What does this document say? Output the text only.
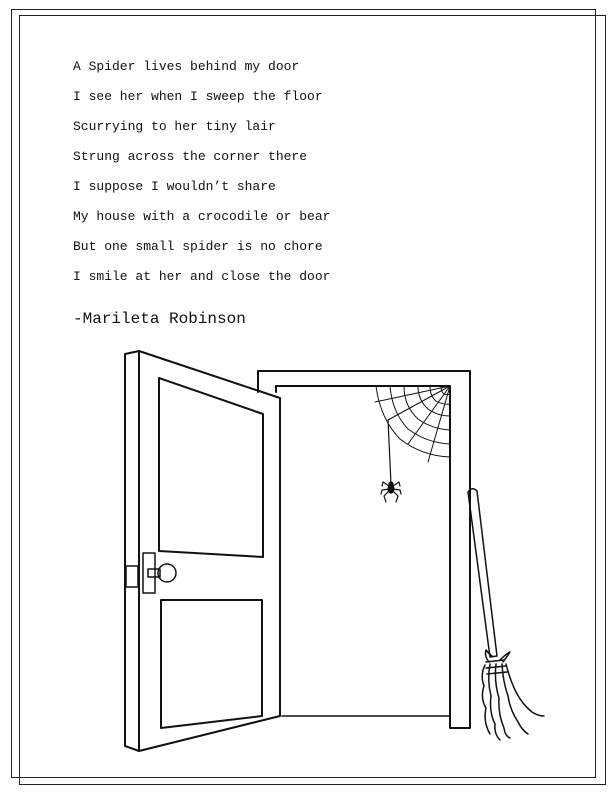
A Spider lives behind my door
I see her when I sweep the floor
Scurrying to her tiny lair
Strung across the corner there
I suppose I wouldn’t share
My house with a crocodile or bear
But one small spider is no chore
I smile at her and close the door
-Marileta Robinson
